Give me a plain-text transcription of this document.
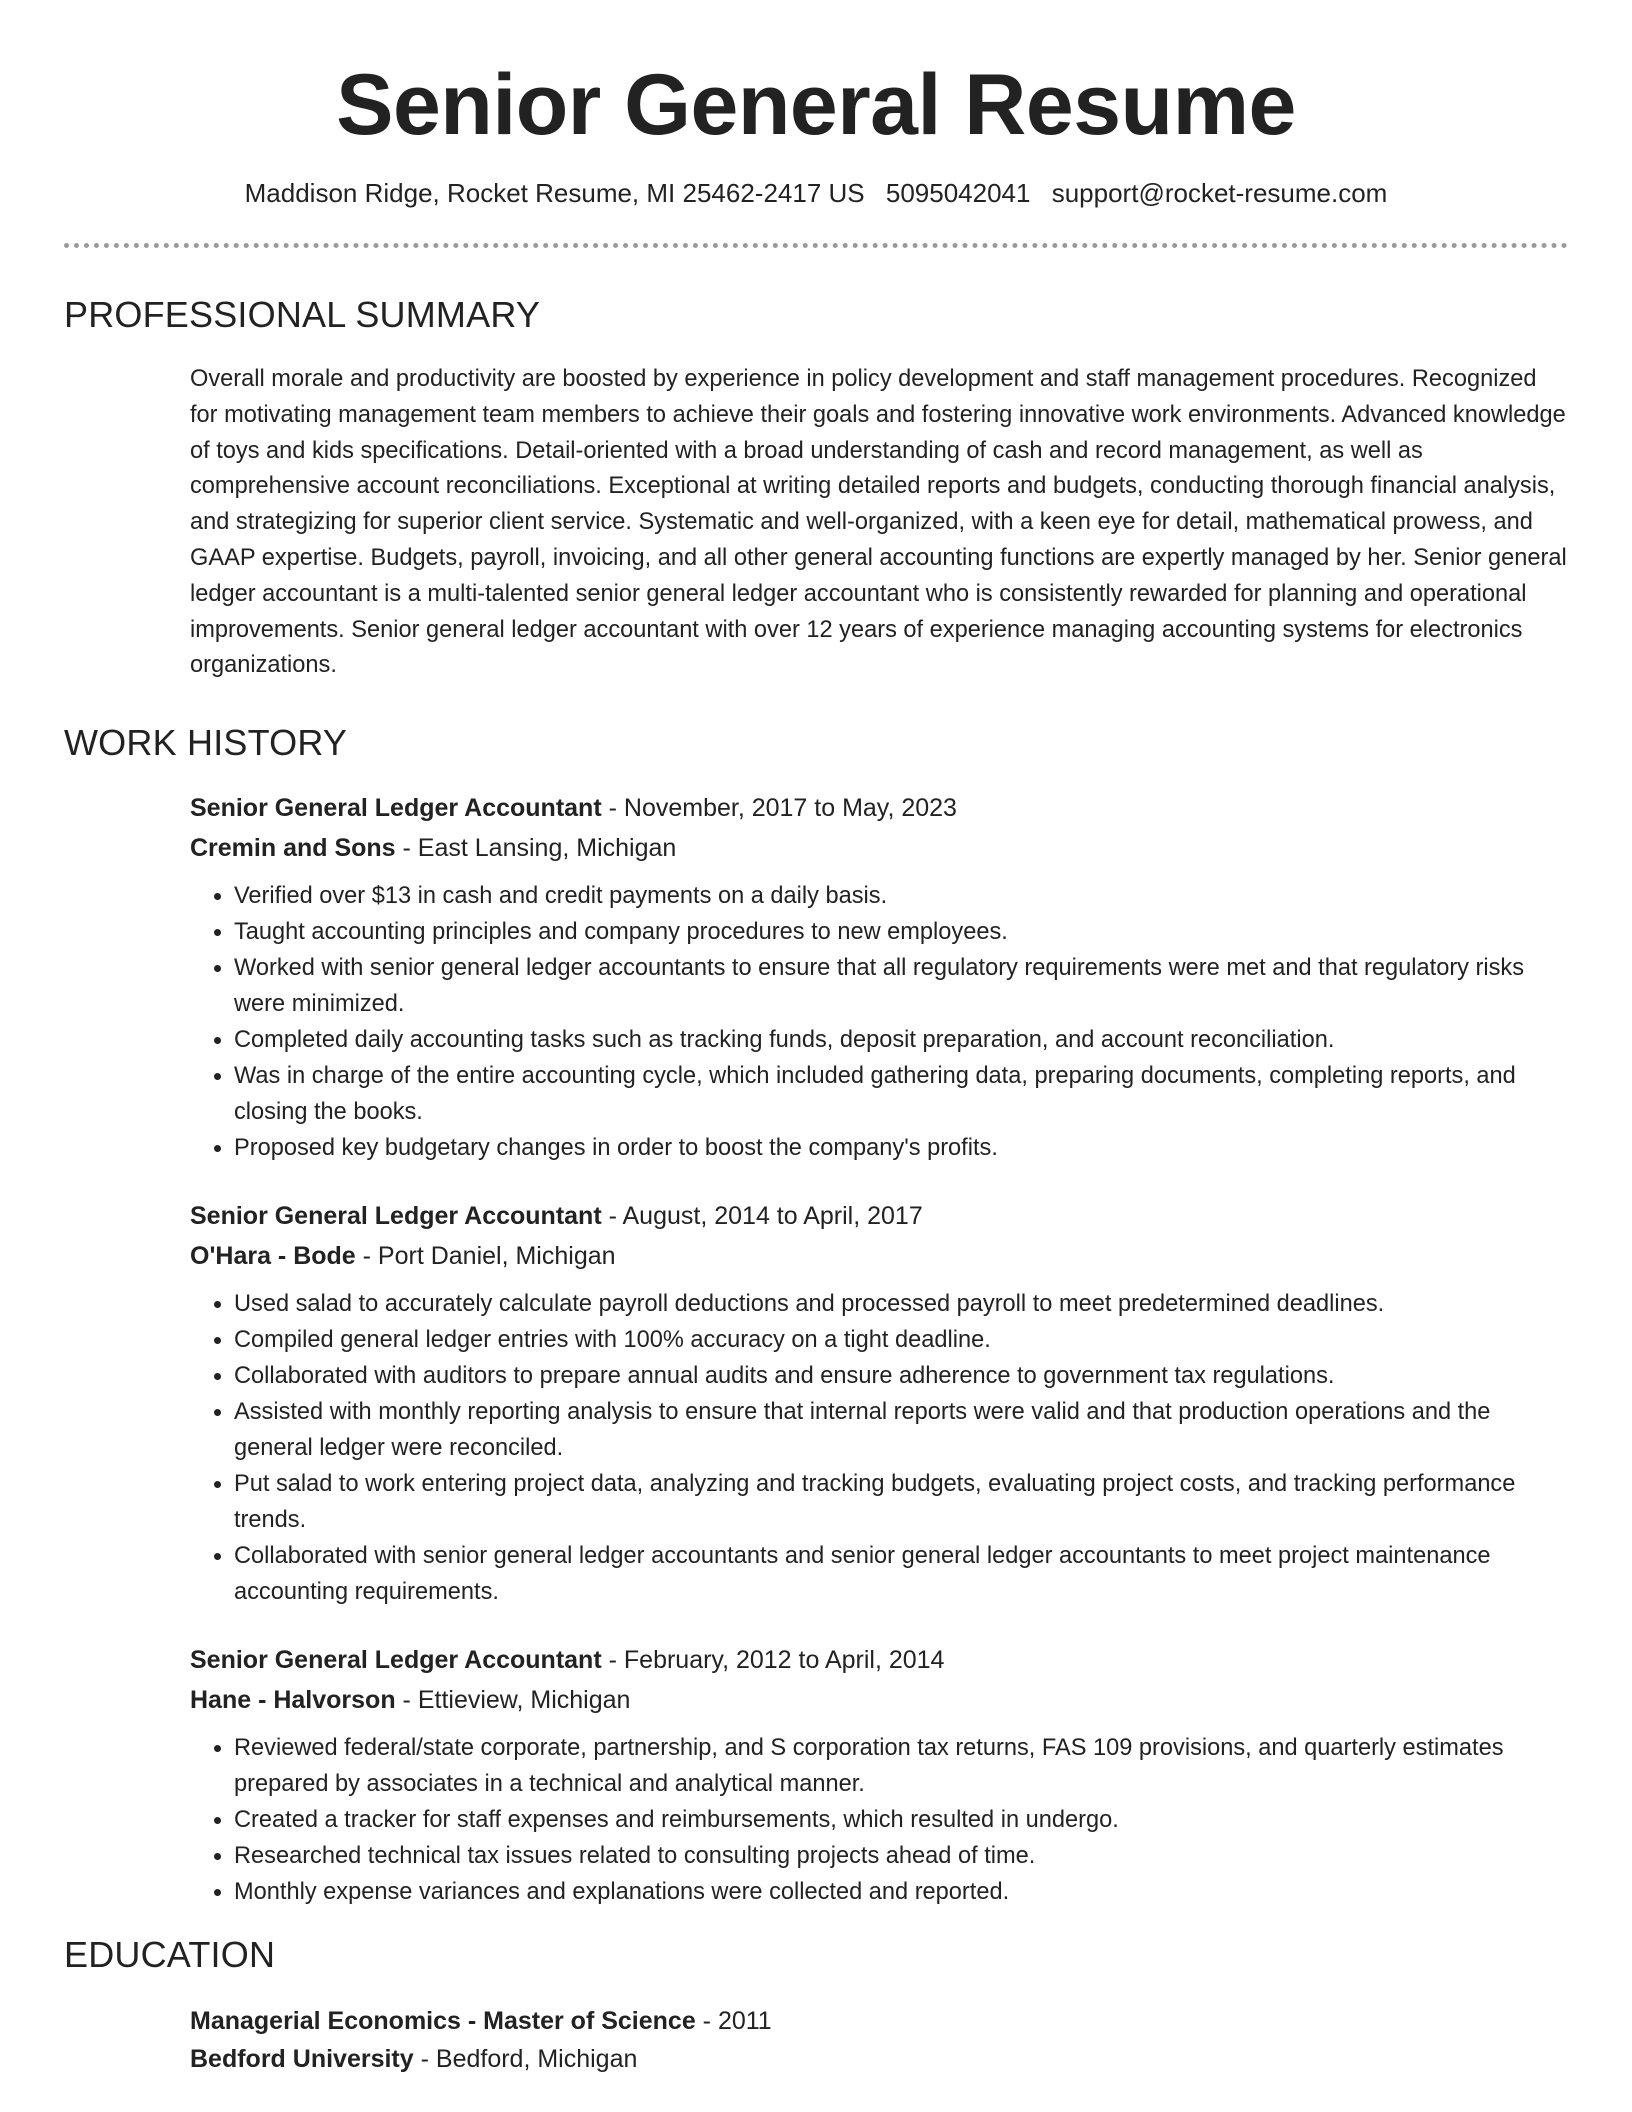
Senior General Resume
Maddison Ridge, Rocket Resume, MI 25462-2417 US 5095042041 support@rocket-resume.com
PROFESSIONAL SUMMARY

Overall morale and productivity are boosted by experience in policy development and staff management procedures. Recognized for motivating management team members to achieve their goals and fostering innovative work environments. Advanced knowledge of toys and kids specifications. Detail-oriented with a broad understanding of cash and record management, as well as comprehensive account reconciliations. Exceptional at writing detailed reports and budgets, conducting thorough financial analysis, and strategizing for superior client service. Systematic and well-organized, with a keen eye for detail, mathematical prowess, and GAAP expertise. Budgets, payroll, invoicing, and all other general accounting functions are expertly managed by her. Senior general ledger accountant is a multi-talented senior general ledger accountant who is consistently rewarded for planning and operational improvements. Senior general ledger accountant with over 12 years of experience managing accounting systems for electronics organizations.

WORK HISTORY
Senior General Ledger Accountant - November, 2017 to May, 2023
Cremin and Sons - East Lansing, Michigan
• Verified over $13 in cash and credit payments on a daily basis.
• Taught accounting principles and company procedures to new employees.
• Worked with senior general ledger accountants to ensure that all regulatory requirements were met and that regulatory risks were minimized.
• Completed daily accounting tasks such as tracking funds, deposit preparation, and account reconciliation.
• Was in charge of the entire accounting cycle, which included gathering data, preparing documents, completing reports, and closing the books.
• Proposed key budgetary changes in order to boost the company's profits.
Senior General Ledger Accountant - August, 2014 to April, 2017
O'Hara - Bode - Port Daniel, Michigan
• Used salad to accurately calculate payroll deductions and processed payroll to meet predetermined deadlines.
• Compiled general ledger entries with 100% accuracy on a tight deadline.
• Collaborated with auditors to prepare annual audits and ensure adherence to government tax regulations.
• Assisted with monthly reporting analysis to ensure that internal reports were valid and that production operations and the general ledger were reconciled.
• Put salad to work entering project data, analyzing and tracking budgets, evaluating project costs, and tracking performance trends.
• Collaborated with senior general ledger accountants and senior general ledger accountants to meet project maintenance accounting requirements.
Senior General Ledger Accountant - February, 2012 to April, 2014
Hane - Halvorson - Ettieview, Michigan
• Reviewed federal/state corporate, partnership, and S corporation tax returns, FAS 109 provisions, and quarterly estimates prepared by associates in a technical and analytical manner.
• Created a tracker for staff expenses and reimbursements, which resulted in undergo.
• Researched technical tax issues related to consulting projects ahead of time.
• Monthly expense variances and explanations were collected and reported.
EDUCATION
Managerial Economics - Master of Science - 2011
Bedford University - Bedford, Michigan
